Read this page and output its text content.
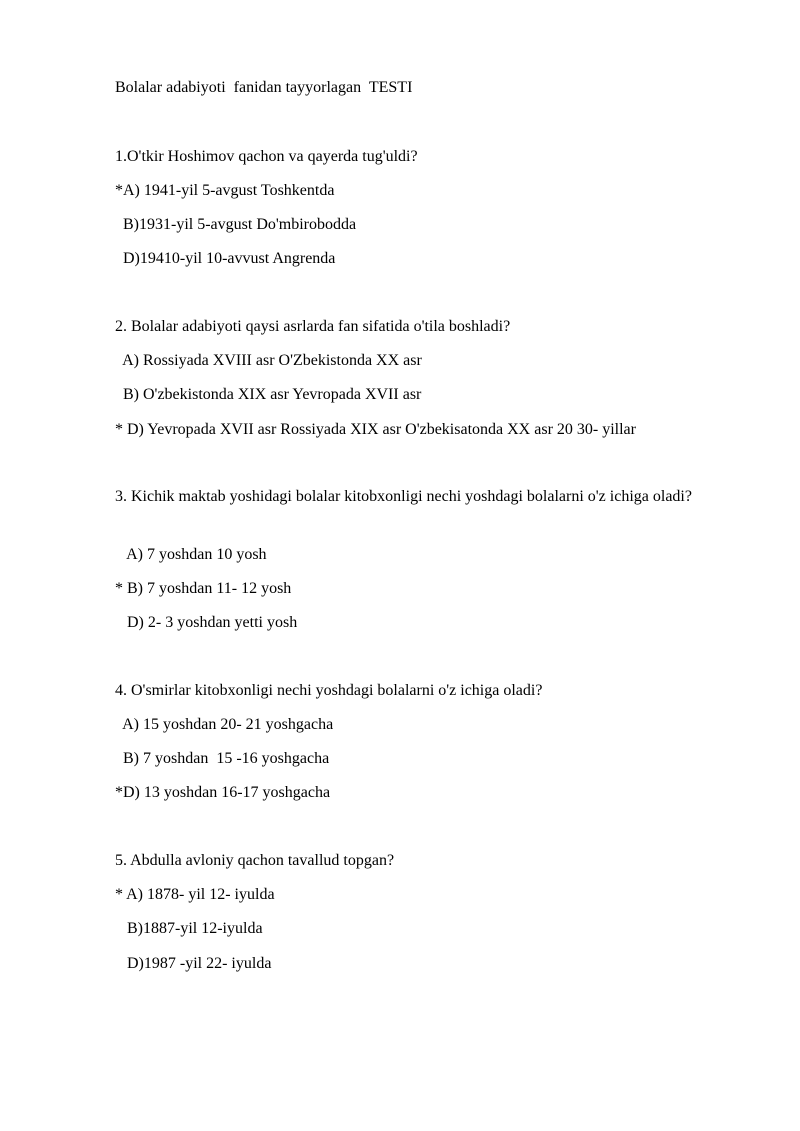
Bolalar adabiyoti  fanidan tayyorlagan  TESTI
1.O'tkir Hoshimov qachon va qayerda tug'uldi?
*A) 1941-yil 5-avgust Toshkentda
B)1931-yil 5-avgust Do'mbirobodda
D)19410-yil 10-avvust Angrenda
2. Bolalar adabiyoti qaysi asrlarda fan sifatida o'tila boshladi?
A) Rossiyada XVIII asr O'Zbekistonda XX asr
B) O'zbekistonda XIX asr Yevropada XVII asr
* D) Yevropada XVII asr Rossiyada XIX asr O'zbekisatonda XX asr 20 30- yillar
3. Kichik maktab yoshidagi bolalar kitobxonligi nechi yoshdagi bolalarni o'z ichiga oladi?
A) 7 yoshdan 10 yosh
* B) 7 yoshdan 11- 12 yosh
D) 2- 3 yoshdan yetti yosh
4. O'smirlar kitobxonligi nechi yoshdagi bolalarni o'z ichiga oladi?
A) 15 yoshdan 20- 21 yoshgacha
B) 7 yoshdan  15 -16 yoshgacha
*D) 13 yoshdan 16-17 yoshgacha
5. Abdulla avloniy qachon tavallud topgan?
* A) 1878- yil 12- iyulda
B)1887-yil 12-iyulda
D)1987 -yil 22- iyulda
